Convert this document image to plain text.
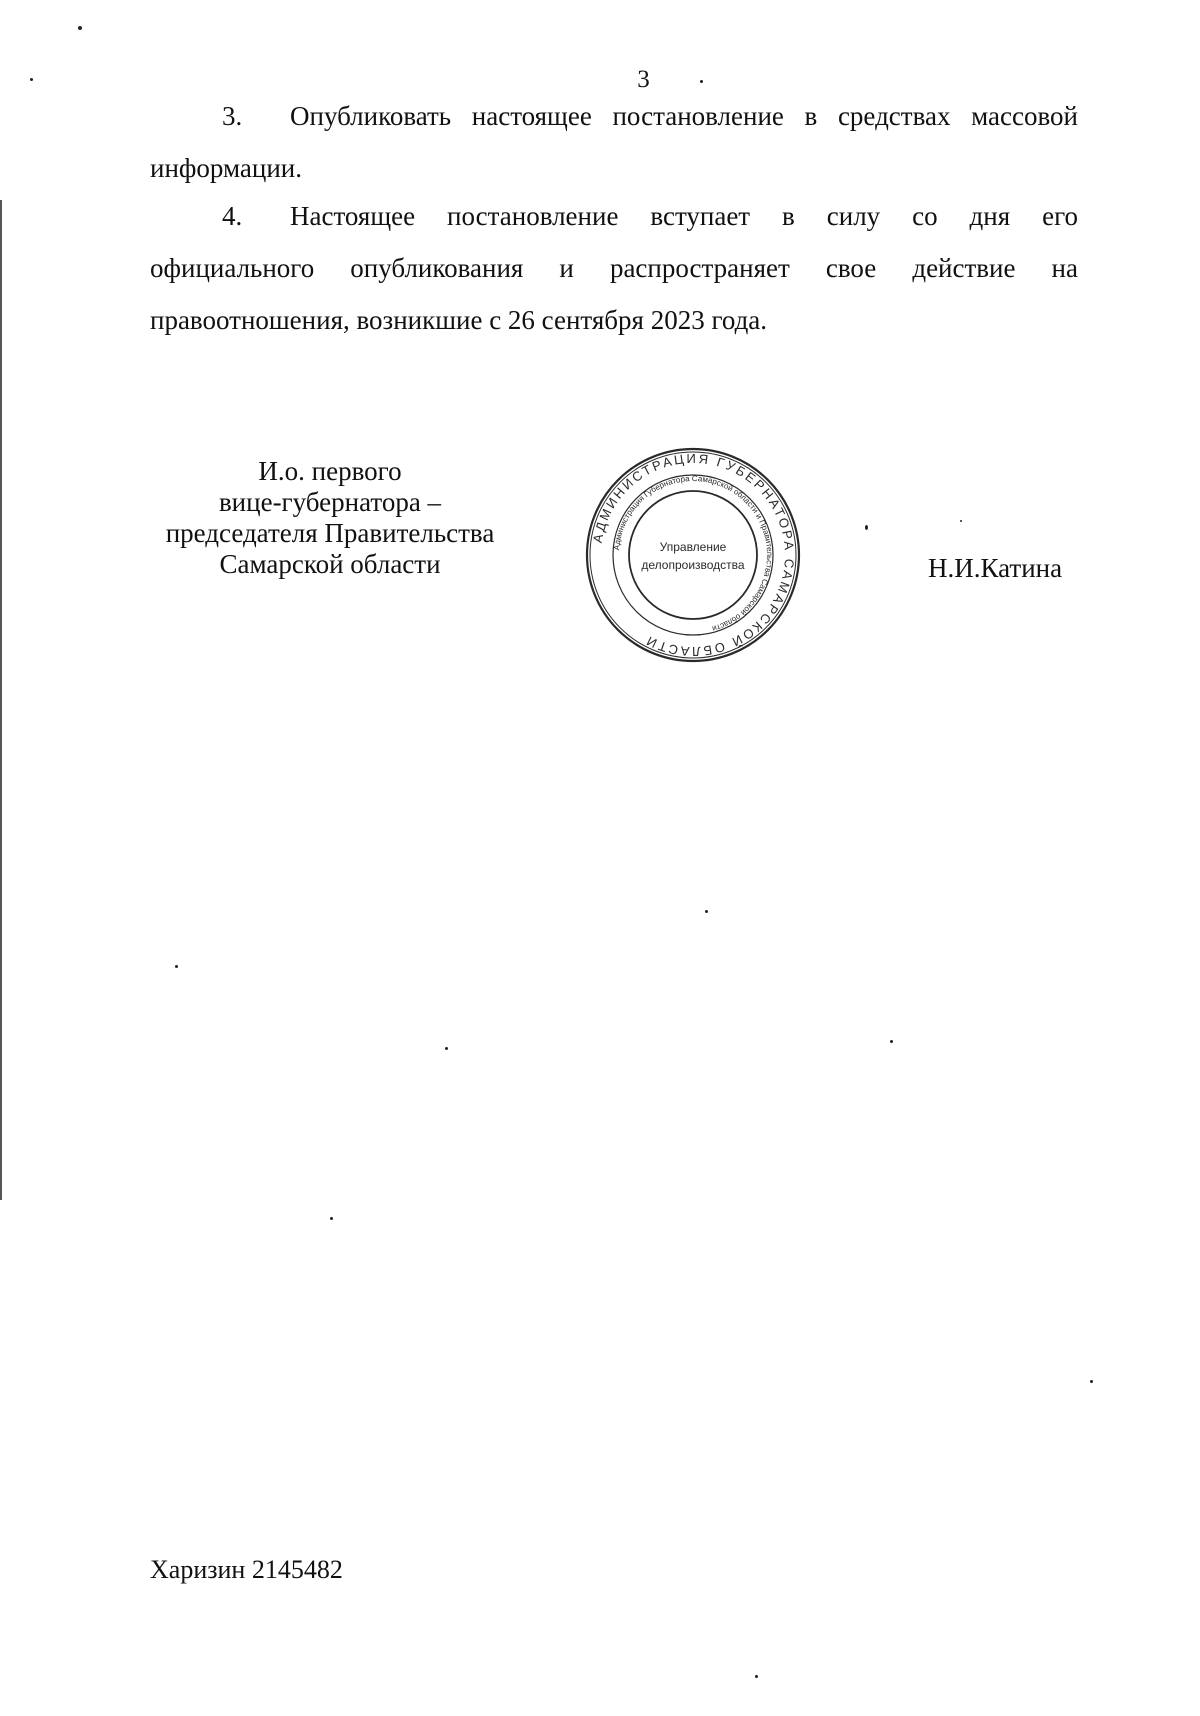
3
3. Опубликовать настоящее постановление в средствах массовой
информации.
4. Настоящее постановление вступает в силу со дня его
официального опубликования и распространяет свое действие на
правоотношения, возникшие с 26 сентября 2023 года.
И.о. первого
вице-губернатора –
председателя Правительства
Самарской области
АДМИНИСТРАЦИЯ ГУБЕРНАТОРА САМАРСКОЙ ОБЛАСТИ
Администрация Губернатора Самарской области и Правительства Самарской области
Управление
делопроизводства	Н.И.Катина
Харизин 2145482
